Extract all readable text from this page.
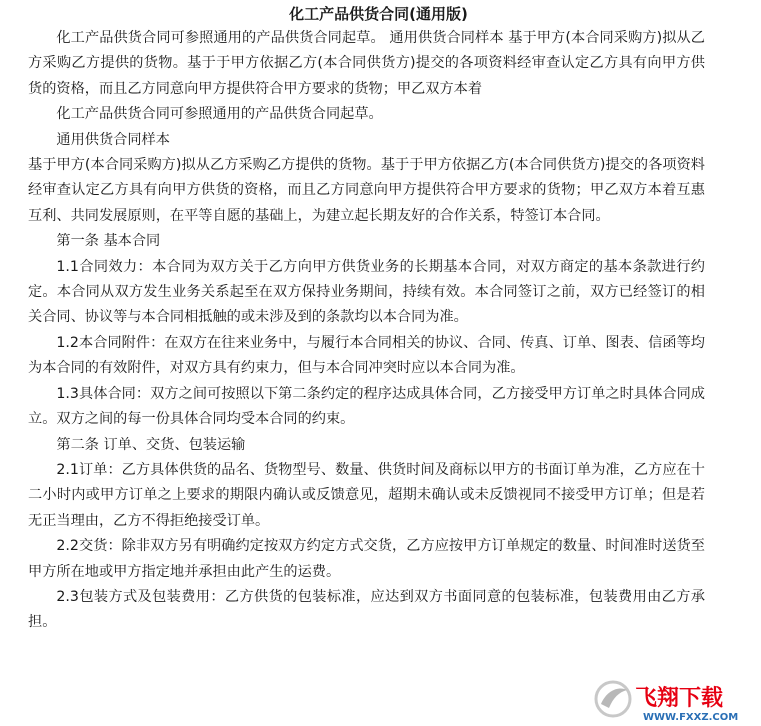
化工产品供货合同(通用版)

化工产品供货合同可参照通用的产品供货合同起草。 通用供货合同样本 基于甲方(本合同采购方)拟从乙方采购乙方提供的货物。基于于甲方依据乙方(本合同供货方)提交的各项资料经审查认定乙方具有向甲方供货的资格，而且乙方同意向甲方提供符合甲方要求的货物；甲乙双方本着

化工产品供货合同可参照通用的产品供货合同起草。

通用供货合同样本

基于甲方(本合同采购方)拟从乙方采购乙方提供的货物。基于于甲方依据乙方(本合同供货方)提交的各项资料经审查认定乙方具有向甲方供货的资格，而且乙方同意向甲方提供符合甲方要求的货物；甲乙双方本着互惠互利、共同发展原则，在平等自愿的基础上，为建立起长期友好的合作关系，特签订本合同。

第一条 基本合同

1.1合同效力：本合同为双方关于乙方向甲方供货业务的长期基本合同，对双方商定的基本条款进行约定。本合同从双方发生业务关系起至在双方保持业务期间，持续有效。本合同签订之前，双方已经签订的相关合同、协议等与本合同相抵触的或未涉及到的条款均以本合同为准。

1.2本合同附件：在双方在往来业务中，与履行本合同相关的协议、合同、传真、订单、图表、信函等均为本合同的有效附件，对双方具有约束力，但与本合同冲突时应以本合同为准。

1.3具体合同：双方之间可按照以下第二条约定的程序达成具体合同，乙方接受甲方订单之时具体合同成立。双方之间的每一份具体合同均受本合同的约束。

第二条 订单、交货、包装运输

2.1订单：乙方具体供货的品名、货物型号、数量、供货时间及商标以甲方的书面订单为准，乙方应在十二小时内或甲方订单之上要求的期限内确认或反馈意见，超期未确认或未反馈视同不接受甲方订单；但是若无正当理由，乙方不得拒绝接受订单。

2.2交货：除非双方另有明确约定按双方约定方式交货，乙方应按甲方订单规定的数量、时间准时送货至甲方所在地或甲方指定地并承担由此产生的运费。

2.3包装方式及包装费用：乙方供货的包装标准，应达到双方书面同意的包装标准，包装费用由乙方承担。

飞翔下载
WWW.FXXZ.COM
